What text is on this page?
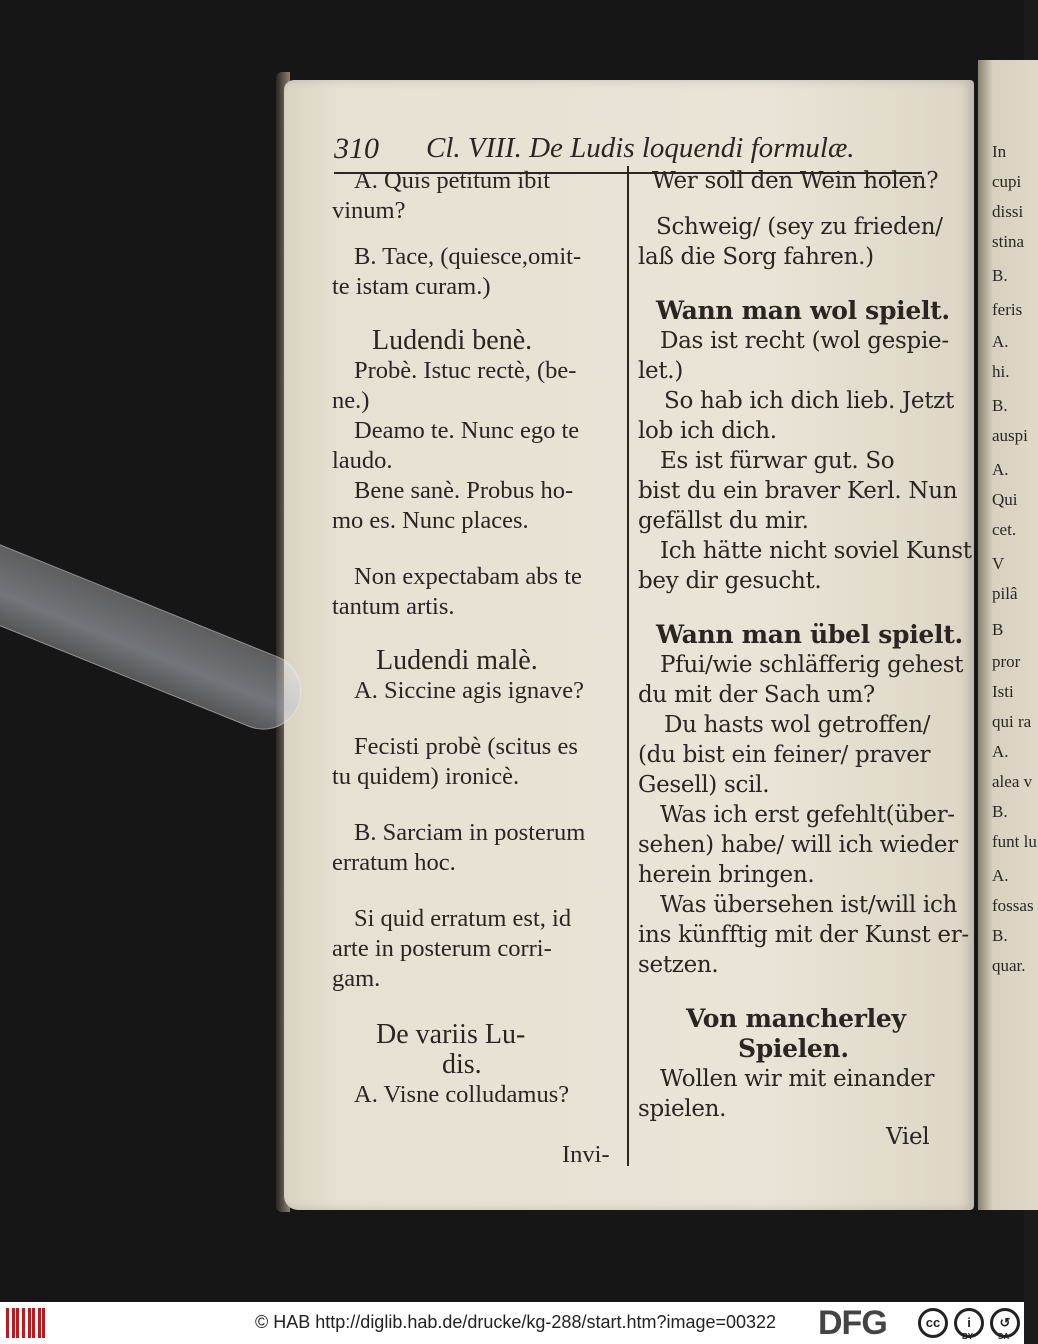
In
cupi
dissi
stina
B.
feris
A.
hi.
B.
auspi
A.
Qui
cet.
V
pilâ
B
pror
Isti
qui ra
A.
alea v
B.
funt lu
A.
fossas
B.
quar.
310 Cl. VIII. De Ludis loquendi formulæ.
A. Quis petitum ibit
vinum?
B. Tace, (quiesce,omit-
te istam curam.)
Ludendi benè.
Probè. Istuc rectè, (be-
ne.)
Deamo te. Nunc ego te
laudo.
Bene sanè. Probus ho-
mo es. Nunc places.
Non expectabam abs te
tantum artis.
Ludendi malè.
A. Siccine agis ignave?
Fecisti probè (scitus es
tu quidem) ironicè.
B. Sarciam in posterum
erratum hoc.
Si quid erratum est, id
arte in posterum corri-
gam.
De variis Lu-
dis.
A. Visne colludamus?
Invi-
Wer soll den Wein holen?
Schweig/ (sey zu frieden/
laß die Sorg fahren.)
Wann man wol spielt.
Das ist recht (wol gespie-
let.)
So hab ich dich lieb. Jetzt
lob ich dich.
Es ist fürwar gut. So
bist du ein braver Kerl. Nun
gefällst du mir.
Ich hätte nicht soviel Kunst
bey dir gesucht.
Wann man übel spielt.
Pfui/wie schläfferig gehest
du mit der Sach um?
Du hasts wol getroffen/
(du bist ein feiner/ praver
Gesell) scil.
Was ich erst gefehlt(über-
sehen) habe/ will ich wieder
herein bringen.
Was übersehen ist/will ich
ins künfftig mit der Kunst er-
setzen.
Von mancherley
Spielen.
Wollen wir mit einander
spielen.
Viel
© HAB http://diglib.hab.de/drucke/kg-288/start.htm?image=00322 DFG	cc	i
BY
↺
SA
